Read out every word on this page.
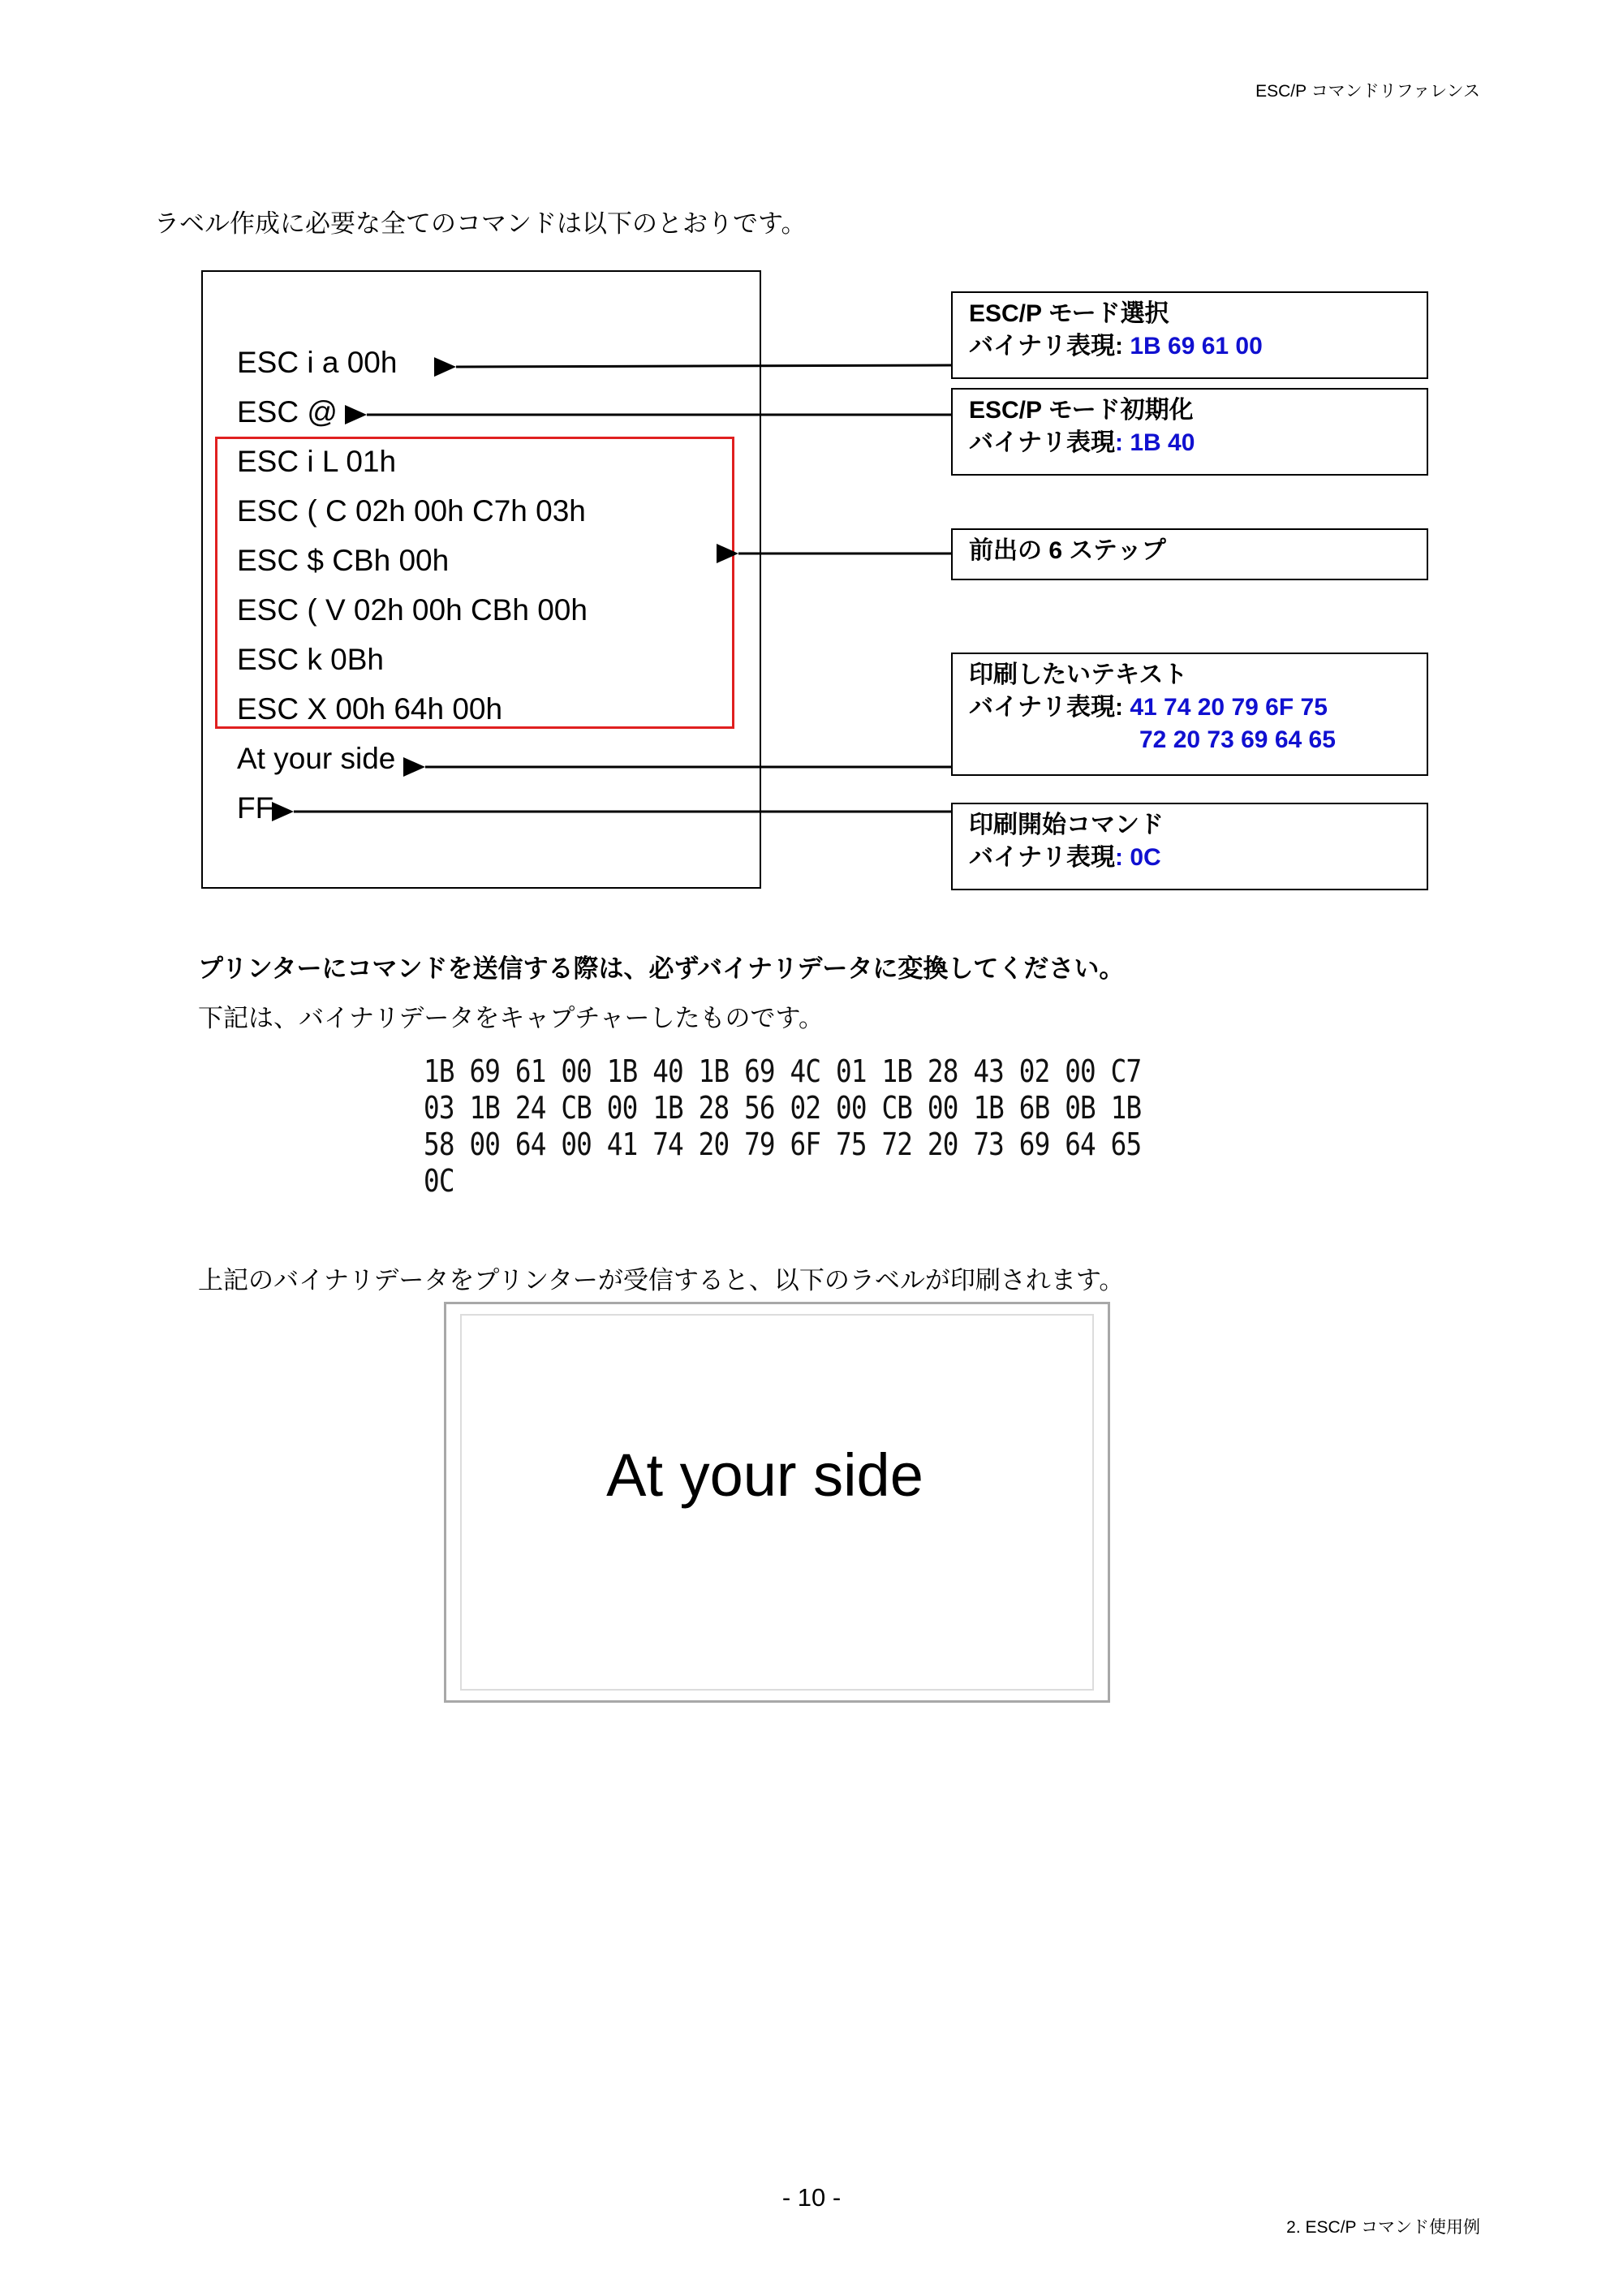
ESC/P コマンドリファレンス
ラベル作成に必要な全てのコマンドは以下のとおりです。
ESC i a 00h
ESC @
ESC i L 01h
ESC ( C 02h 00h C7h 03h
ESC $ CBh 00h
ESC ( V 02h 00h CBh 00h
ESC k 0Bh
ESC X 00h 64h 00h
At your side
FF
ESC/P モード選択
バイナリ表現: 1B 69 61 00
ESC/P モード初期化
バイナリ表現: 1B 40
前出の 6 ステップ
印刷したいテキスト
バイナリ表現: 41 74 20 79 6F 75
72 20 73 69 64 65
印刷開始コマンド
バイナリ表現: 0C
プリンターにコマンドを送信する際は、必ずバイナリデータに変換してください。
下記は、バイナリデータをキャプチャーしたものです。
1B 69 61 00 1B 40 1B 69 4C 01 1B 28 43 02 00 C7
03 1B 24 CB 00 1B 28 56 02 00 CB 00 1B 6B 0B 1B
58 00 64 00 41 74 20 79 6F 75 72 20 73 69 64 65
0C
上記のバイナリデータをプリンターが受信すると、以下のラベルが印刷されます。
At your side
- 10 -
2. ESC/P コマンド使用例
